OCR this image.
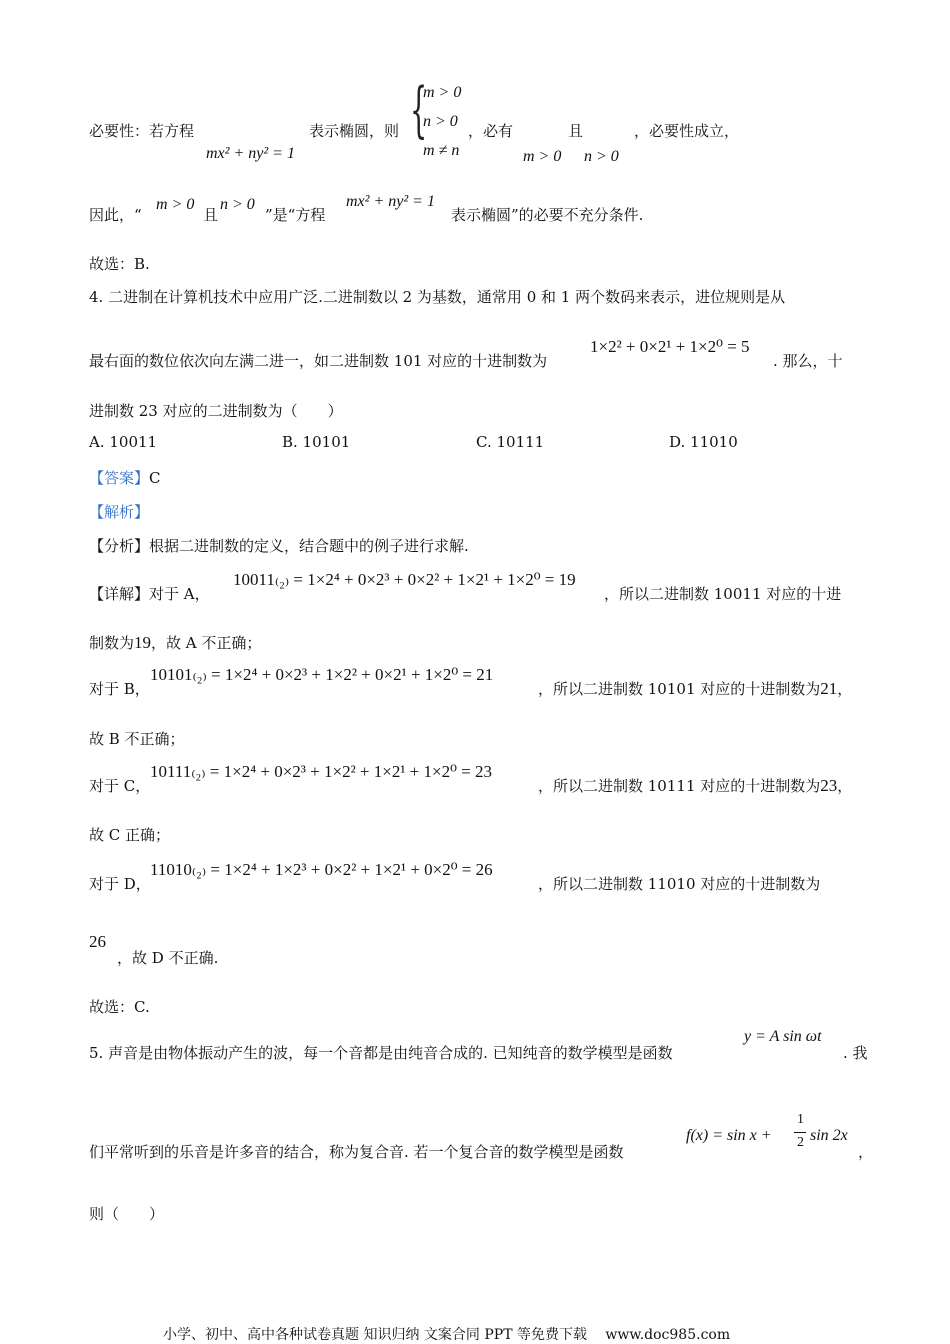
必要性：若方程
mx² + ny² = 1
表示椭圆，则 {
m > 0
n > 0
m ≠ n
，必有
m > 0
且
n > 0
，必要性成立，
因此，“
m > 0
且
n > 0
”是“方程
mx² + ny² = 1
表示椭圆”的必要不充分条件.
故选：B.
4. 二进制在计算机技术中应用广泛.二进制数以 2 为基数，通常用 0 和 1 两个数码来表示，进位规则是从
最右面的数位依次向左满二进一，如二进制数 101 对应的十进制数为
1×2² + 0×2¹ + 1×2⁰ = 5
. 那么，十
进制数 23 对应的二进制数为（　　）
A. 10011	B. 10101	C. 10111	D. 11010
【答案】C
【解析】
【分析】根据二进制数的定义，结合题中的例子进行求解.
【详解】对于 A，
10011₍₂₎ = 1×2⁴ + 0×2³ + 0×2² + 1×2¹ + 1×2⁰ = 19
，所以二进制数 10011 对应的十进
制数为19，故 A 不正确；
对于 B，
10101₍₂₎ = 1×2⁴ + 0×2³ + 1×2² + 0×2¹ + 1×2⁰ = 21
，所以二进制数 10101 对应的十进制数为21，
故 B 不正确；
对于 C，
10111₍₂₎ = 1×2⁴ + 0×2³ + 1×2² + 1×2¹ + 1×2⁰ = 23
，所以二进制数 10111 对应的十进制数为23，
故 C 正确；
对于 D，
11010₍₂₎ = 1×2⁴ + 1×2³ + 0×2² + 1×2¹ + 0×2⁰ = 26
，所以二进制数 11010 对应的十进制数为
26
，故 D 不正确.
故选：C.
5. 声音是由物体振动产生的波，每一个音都是由纯音合成的. 已知纯音的数学模型是函数
y = A sin ωt
. 我
们平常听到的乐音是许多音的结合，称为复合音. 若一个复合音的数学模型是函数
f(x) = sin x +
1
2 sin 2x
，
则（　　）
小学、初中、高中各种试卷真题 知识归纳 文案合同 PPT 等免费下载　 www.doc985.com
